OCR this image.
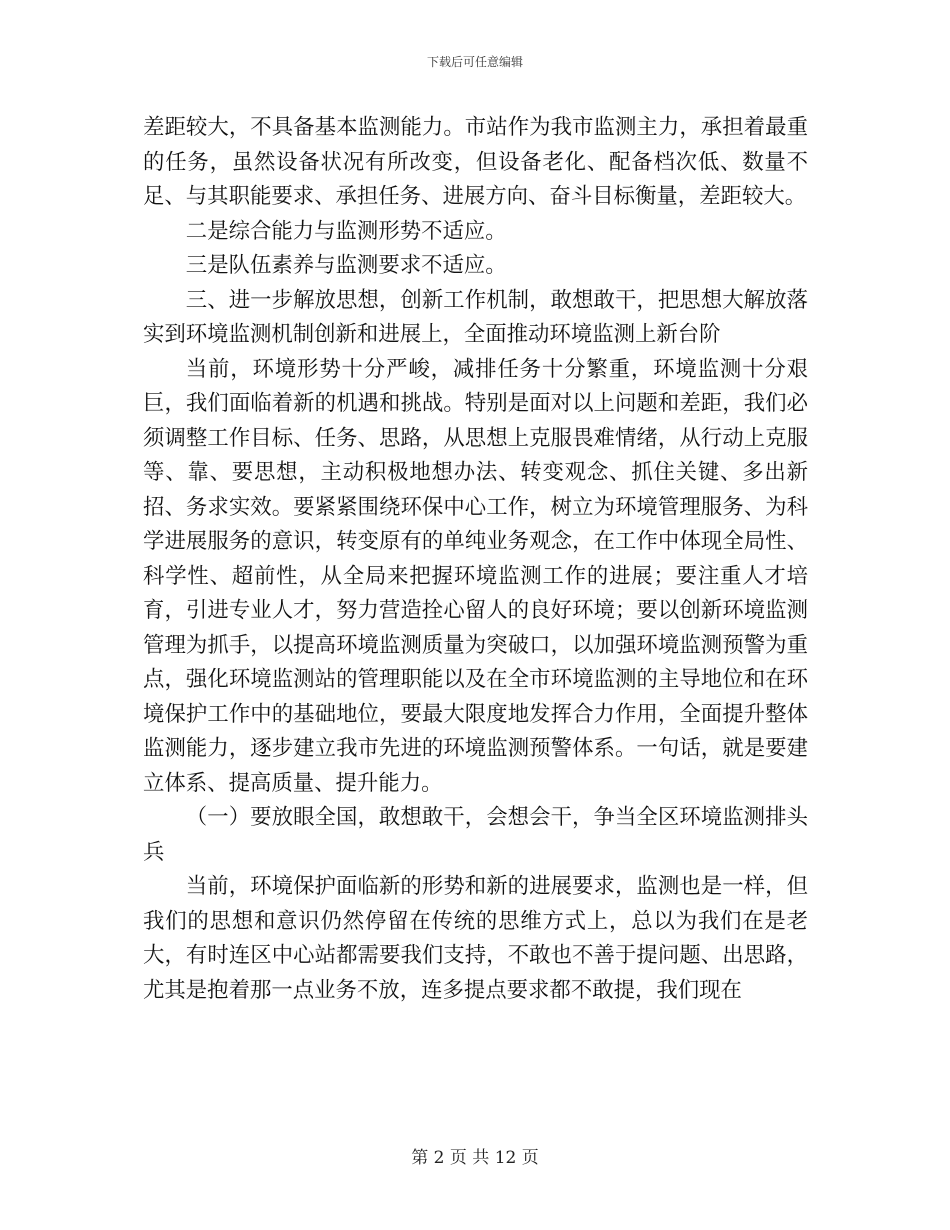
下载后可任意编辑

差距较大，不具备基本监测能力。市站作为我市监测主力，承担着最重的任务，虽然设备状况有所改变，但设备老化、配备档次低、数量不足、与其职能要求、承担任务、进展方向、奋斗目标衡量，差距较大。

二是综合能力与监测形势不适应。

三是队伍素养与监测要求不适应。

三、进一步解放思想，创新工作机制，敢想敢干，把思想大解放落实到环境监测机制创新和进展上，全面推动环境监测上新台阶

当前，环境形势十分严峻，减排任务十分繁重，环境监测十分艰巨，我们面临着新的机遇和挑战。特别是面对以上问题和差距，我们必须调整工作目标、任务、思路，从思想上克服畏难情绪，从行动上克服等、靠、要思想，主动积极地想办法、转变观念、抓住关键、多出新招、务求实效。要紧紧围绕环保中心工作，树立为环境管理服务、为科学进展服务的意识，转变原有的单纯业务观念，在工作中体现全局性、科学性、超前性，从全局来把握环境监测工作的进展；要注重人才培育，引进专业人才，努力营造拴心留人的良好环境；要以创新环境监测管理为抓手，以提高环境监测质量为突破口，以加强环境监测预警为重点，强化环境监测站的管理职能以及在全市环境监测的主导地位和在环境保护工作中的基础地位，要最大限度地发挥合力作用，全面提升整体监测能力，逐步建立我市先进的环境监测预警体系。一句话，就是要建立体系、提高质量、提升能力。

（一）要放眼全国，敢想敢干，会想会干，争当全区环境监测排头兵

当前，环境保护面临新的形势和新的进展要求，监测也是一样，但我们的思想和意识仍然停留在传统的思维方式上，总以为我们在是老大，有时连区中心站都需要我们支持，不敢也不善于提问题、出思路，尤其是抱着那一点业务不放，连多提点要求都不敢提，我们现在

第 2 页 共 12 页
